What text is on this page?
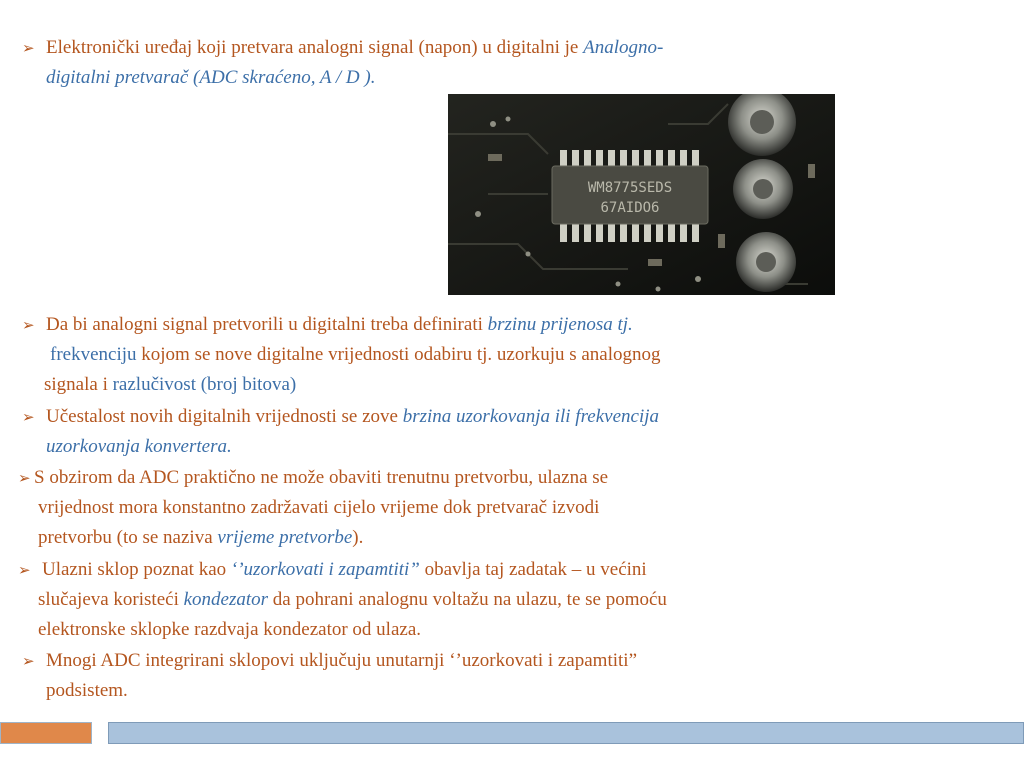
➢ Elektronički uređaj koji pretvara analogni signal (napon) u digitalni je Analogno-
digitalni pretvarač (ADC skraćeno, A / D ).
WM8775SEDS
67AIDO6
➢ Da bi analogni signal pretvorili u digitalni treba definirati brzinu prijenosa tj.
frekvenciju kojom se nove digitalne vrijednosti odabiru tj. uzorkuju s analognog
signala i razlučivost (broj bitova)
➢ Učestalost novih digitalnih vrijednosti se zove brzina uzorkovanja ili frekvencija
uzorkovanja konvertera.
➢ S obzirom da ADC praktično ne može obaviti trenutnu pretvorbu, ulazna se
vrijednost mora konstantno zadržavati cijelo vrijeme dok pretvarač izvodi
pretvorbu (to se naziva vrijeme pretvorbe).
➢ Ulazni sklop poznat kao ‘’uzorkovati i zapamtiti” obavlja taj zadatak – u većini
slučajeva koristeći kondezator da pohrani analognu voltažu na ulazu, te se pomoću
elektronske sklopke razdvaja kondezator od ulaza.
➢ Mnogi ADC integrirani sklopovi uključuju unutarnji ‘’uzorkovati i zapamtiti”
podsistem.
